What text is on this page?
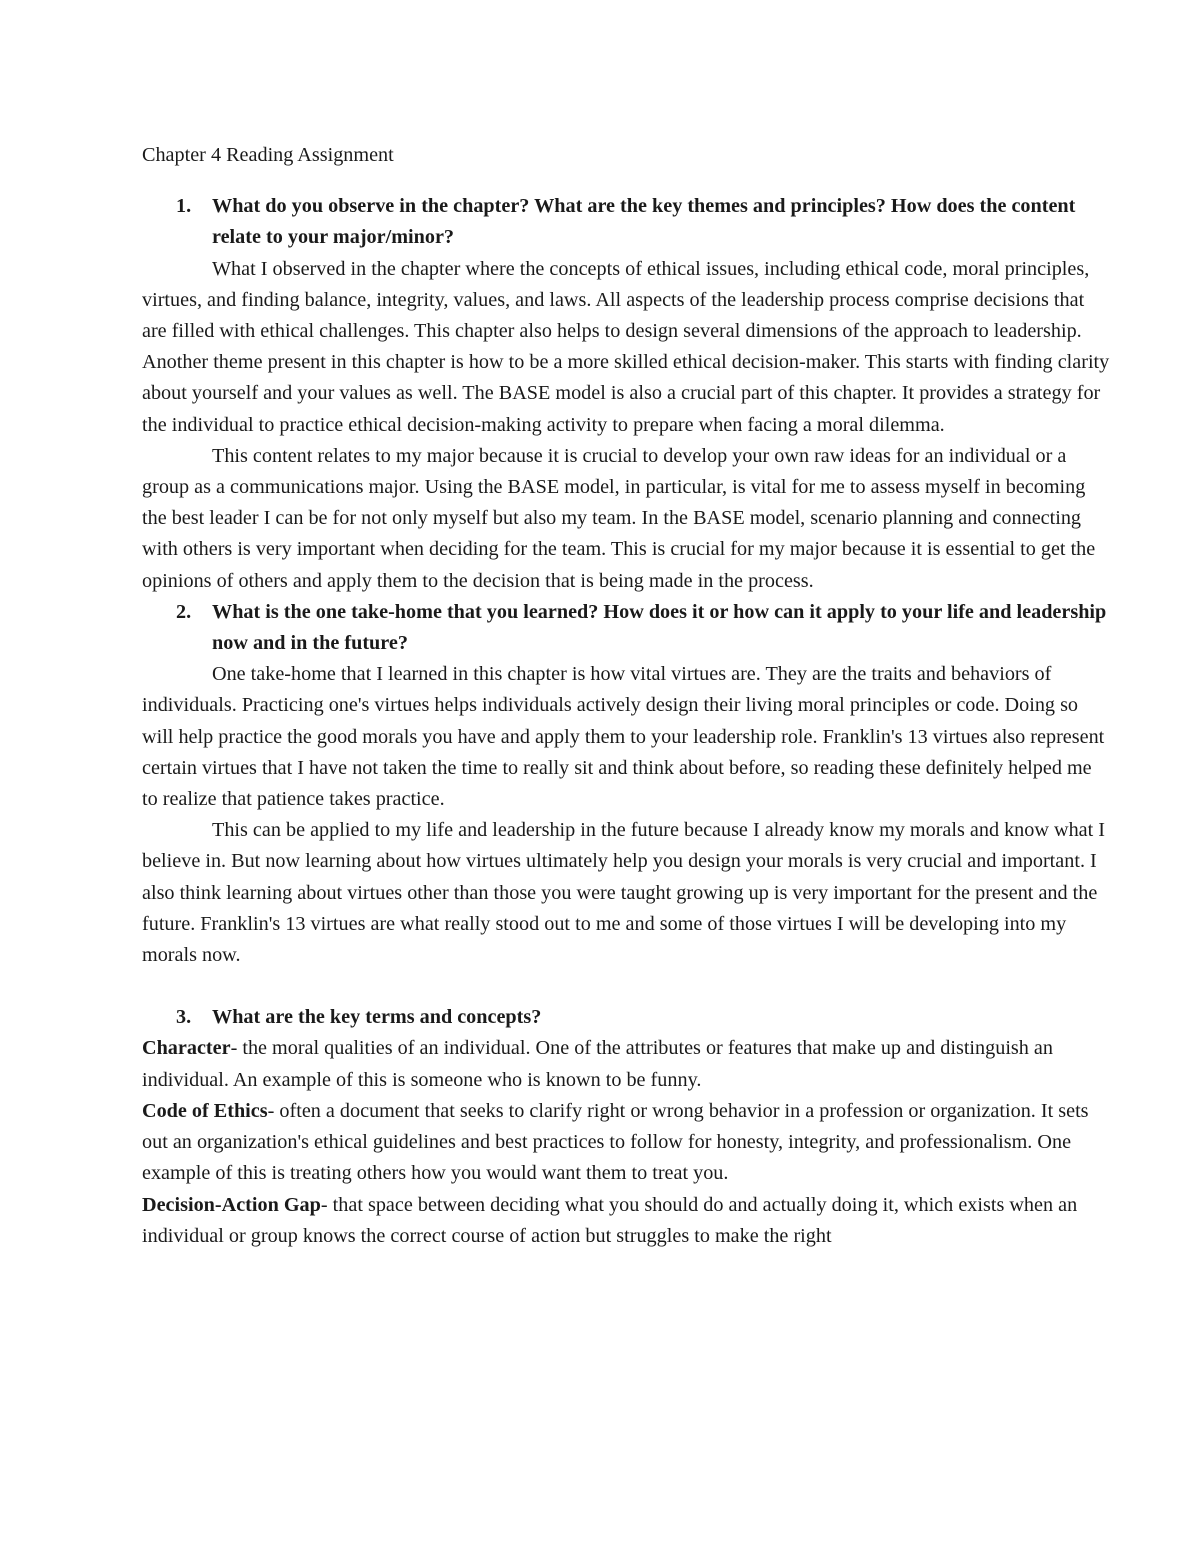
Chapter 4 Reading Assignment

1.	What do you observe in the chapter? What are the key themes and principles? How does the content relate to your major/minor?

What I observed in the chapter where the concepts of ethical issues, including ethical code, moral principles, virtues, and finding balance, integrity, values, and laws. All aspects of the leadership process comprise decisions that are filled with ethical challenges. This chapter also helps to design several dimensions of the approach to leadership. Another theme present in this chapter is how to be a more skilled ethical decision-maker. This starts with finding clarity about yourself and your values as well. The BASE model is also a crucial part of this chapter. It provides a strategy for the individual to practice ethical decision-making activity to prepare when facing a moral dilemma.

This content relates to my major because it is crucial to develop your own raw ideas for an individual or a group as a communications major. Using the BASE model, in particular, is vital for me to assess myself in becoming the best leader I can be for not only myself but also my team. In the BASE model, scenario planning and connecting with others is very important when deciding for the team. This is crucial for my major because it is essential to get the opinions of others and apply them to the decision that is being made in the process.

2.	What is the one take-home that you learned? How does it or how can it apply to your life and leadership now and in the future?

One take-home that I learned in this chapter is how vital virtues are. They are the traits and behaviors of individuals. Practicing one's virtues helps individuals actively design their living moral principles or code. Doing so will help practice the good morals you have and apply them to your leadership role. Franklin's 13 virtues also represent certain virtues that I have not taken the time to really sit and think about before, so reading these definitely helped me to realize that patience takes practice.

This can be applied to my life and leadership in the future because I already know my morals and know what I believe in. But now learning about how virtues ultimately help you design your morals is very crucial and important. I also think learning about virtues other than those you were taught growing up is very important for the present and the future. Franklin's 13 virtues are what really stood out to me and some of those virtues I will be developing into my morals now.

3.	What are the key terms and concepts?

Character- the moral qualities of an individual. One of the attributes or features that make up and distinguish an individual. An example of this is someone who is known to be funny.

Code of Ethics- often a document that seeks to clarify right or wrong behavior in a profession or organization. It sets out an organization's ethical guidelines and best practices to follow for honesty, integrity, and professionalism. One example of this is treating others how you would want them to treat you.

Decision-Action Gap- that space between deciding what you should do and actually doing it, which exists when an individual or group knows the correct course of action but struggles to make the right
